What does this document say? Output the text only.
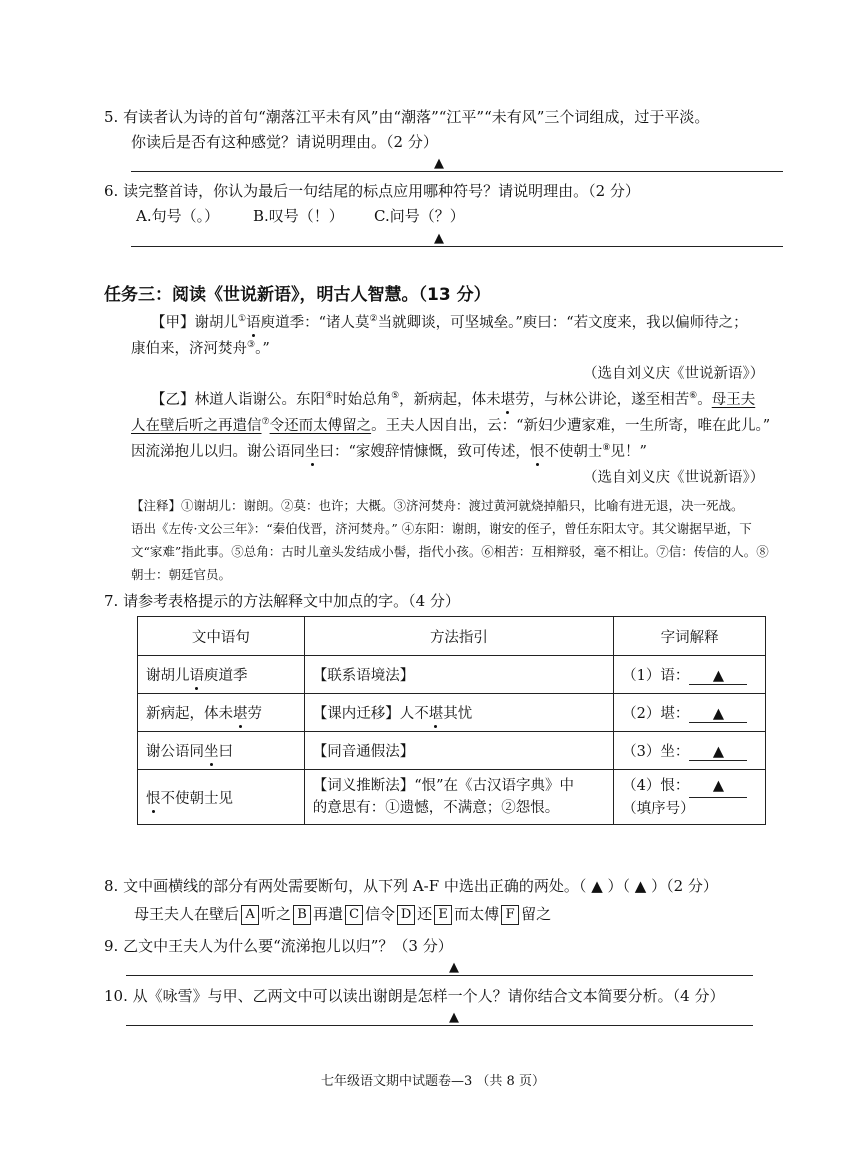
5. 有读者认为诗的首句“潮落江平未有风”由“潮落”“江平”“未有风”三个词组成，过于平淡。
你读后是否有这种感觉？请说明理由。（2 分）
▲
6. 读完整首诗，你认为最后一句结尾的标点应用哪种符号？请说明理由。（2 分）
A.句号（。） B.叹号（！） C.问号（？）
▲
任务三：阅读《世说新语》，明古人智慧。（13 分）
【甲】谢胡儿①语庾道季：“诸人莫②当就卿谈，可坚城垒。”庾曰：“若文度来，我以偏师待之；
康伯来，济河焚舟③。”
（选自刘义庆《世说新语》）
【乙】林道人诣谢公。东阳④时始总角⑤，新病起，体未堪劳，与林公讲论，遂至相苦⑥。母王夫
人在壁后听之再遣信⑦令还而太傅留之。王夫人因自出，云：“新妇少遭家难，一生所寄，唯在此儿。”
因流涕抱儿以归。谢公语同坐曰：“家嫂辞情慷慨，致可传述，恨不使朝士⑧见！”
（选自刘义庆《世说新语》）
【注释】①谢胡儿：谢朗。②莫：也许；大概。③济河焚舟：渡过黄河就烧掉船只，比喻有进无退，决一死战。
语出《左传·文公三年》：“秦伯伐晋，济河焚舟。” ④东阳：谢朗，谢安的侄子，曾任东阳太守。其父谢据早逝，下
文“家难”指此事。⑤总角：古时儿童头发结成小髻，指代小孩。⑥相苦：互相辩驳，毫不相让。⑦信：传信的人。⑧
朝士：朝廷官员。
7. 请参考表格提示的方法解释文中加点的字。（4 分）
文中语句	方法指引	字词解释
谢胡儿语庾道季	【联系语境法】	（1）语： ▲
新病起，体未堪劳	【课内迁移】人不堪其忧	（2）堪： ▲
谢公语同坐曰	【同音通假法】	（3）坐： ▲
恨不使朝士见	【词义推断法】“恨”在《古汉语字典》中
的意思有：①遗憾，不满意；②怨恨。	（4）恨： ▲
（填序号）
8. 文中画横线的部分有两处需要断句，从下列 A-F 中选出正确的两处。（ ▲ ）（ ▲ ）（2 分）
母王夫人在壁后 A 听之 B 再遣 C 信令 D 还 E 而太傅 F 留之
9. 乙文中王夫人为什么要“流涕抱儿以归”？（3 分）
▲
10. 从《咏雪》与甲、乙两文中可以读出谢朗是怎样一个人？请你结合文本简要分析。（4 分）
▲
七年级语文期中试题卷—3 （共 8 页）
